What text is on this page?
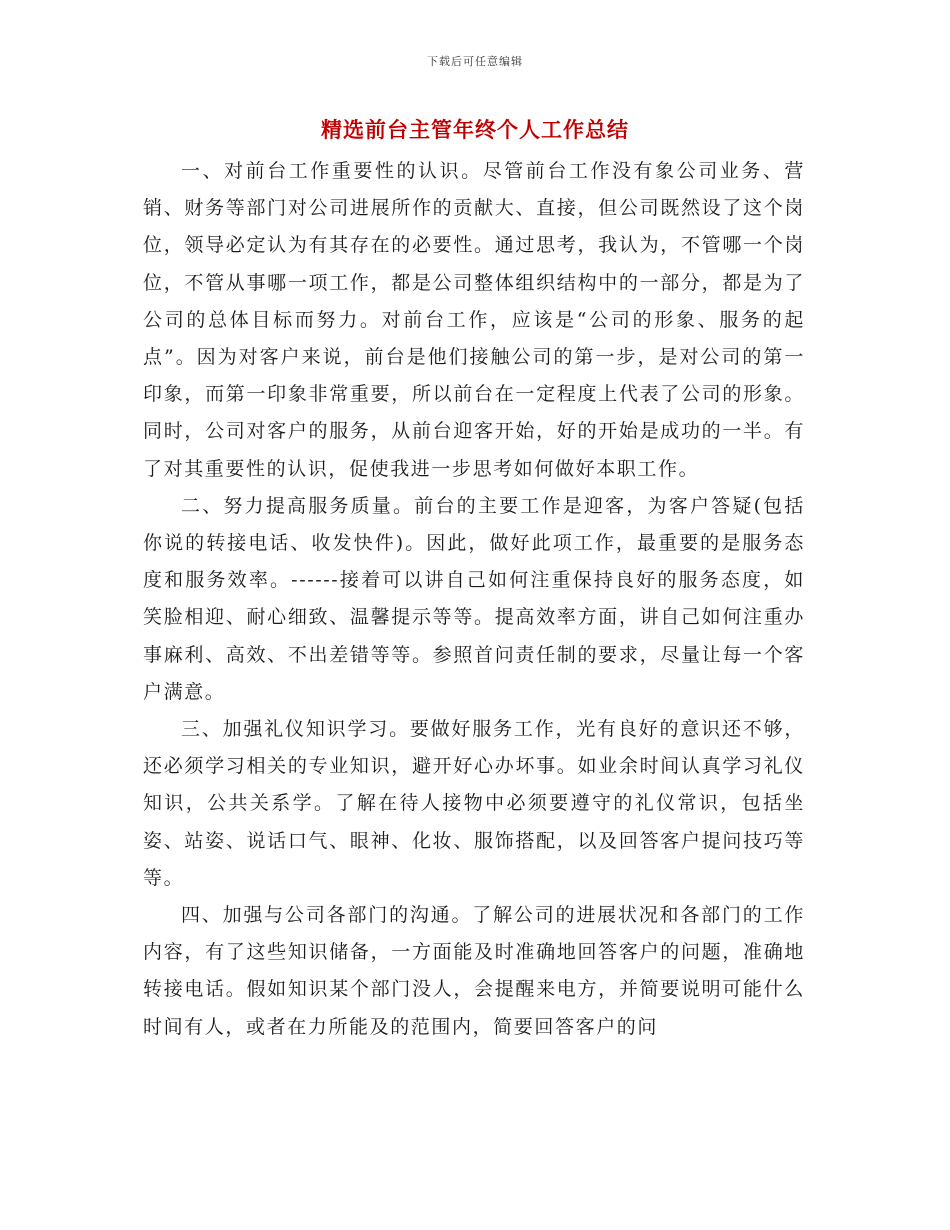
下载后可任意编辑
精选前台主管年终个人工作总结

一、对前台工作重要性的认识。尽管前台工作没有象公司业务、营销、财务等部门对公司进展所作的贡献大、直接，但公司既然设了这个岗位，领导必定认为有其存在的必要性。通过思考，我认为，不管哪一个岗位，不管从事哪一项工作，都是公司整体组织结构中的一部分，都是为了公司的总体目标而努力。对前台工作，应该是“公司的形象、服务的起点”。因为对客户来说，前台是他们接触公司的第一步，是对公司的第一印象，而第一印象非常重要，所以前台在一定程度上代表了公司的形象。同时，公司对客户的服务，从前台迎客开始，好的开始是成功的一半。有了对其重要性的认识，促使我进一步思考如何做好本职工作。

二、努力提高服务质量。前台的主要工作是迎客，为客户答疑(包括你说的转接电话、收发快件)。因此，做好此项工作，最重要的是服务态度和服务效率。------接着可以讲自己如何注重保持良好的服务态度，如笑脸相迎、耐心细致、温馨提示等等。提高效率方面，讲自己如何注重办事麻利、高效、不出差错等等。参照首问责任制的要求，尽量让每一个客户满意。

三、加强礼仪知识学习。要做好服务工作，光有良好的意识还不够，还必须学习相关的专业知识，避开好心办坏事。如业余时间认真学习礼仪知识，公共关系学。了解在待人接物中必须要遵守的礼仪常识，包括坐姿、站姿、说话口气、眼神、化妆、服饰搭配，以及回答客户提问技巧等等。

四、加强与公司各部门的沟通。了解公司的进展状况和各部门的工作内容，有了这些知识储备，一方面能及时准确地回答客户的问题，准确地转接电话。假如知识某个部门没人，会提醒来电方，并简要说明可能什么时间有人，或者在力所能及的范围内，简要回答客户的问
